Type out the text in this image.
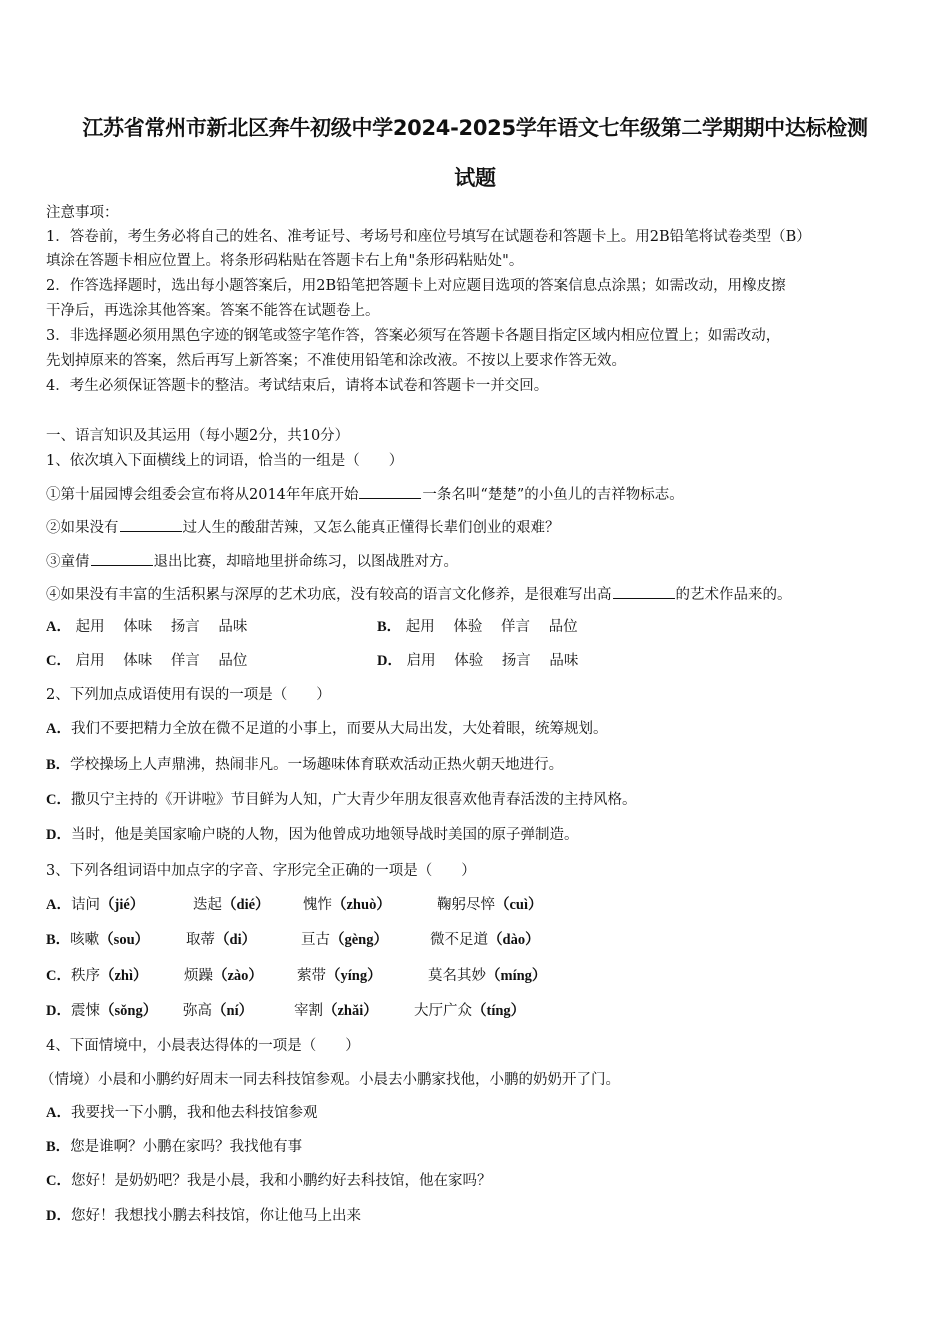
江苏省常州市新北区奔牛初级中学2024-2025学年语文七年级第二学期期中达标检测
试题
注意事项：
1．答卷前，考生务必将自己的姓名、准考证号、考场号和座位号填写在试题卷和答题卡上。用2B铅笔将试卷类型（B）
填涂在答题卡相应位置上。将条形码粘贴在答题卡右上角"条形码粘贴处"。
2．作答选择题时，选出每小题答案后，用2B铅笔把答题卡上对应题目选项的答案信息点涂黑；如需改动，用橡皮擦
干净后，再选涂其他答案。答案不能答在试题卷上。
3．非选择题必须用黑色字迹的钢笔或签字笔作答，答案必须写在答题卡各题目指定区域内相应位置上；如需改动，
先划掉原来的答案，然后再写上新答案；不准使用铅笔和涂改液。不按以上要求作答无效。
4．考生必须保证答题卡的整洁。考试结束后，请将本试卷和答题卡一并交回。
一、语言知识及其运用（每小题2分，共10分）
1、依次填入下面横线上的词语，恰当的一组是（　　）
①第十届园博会组委会宣布将从2014年年底开始	一条名叫“楚楚”的小鱼儿的吉祥物标志。
②如果没有	过人生的酸甜苦辣，又怎么能真正懂得长辈们创业的艰难？
③童倩	退出比赛，却暗地里拼命练习，以图战胜对方。
④如果没有丰富的生活积累与深厚的艺术功底，没有较高的语言文化修养，是很难写出高	的艺术作品来的。
A． 起用 体味 扬言 品味	B． 起用 体验 佯言 品位
C． 启用 体味 佯言 品位	D． 启用 体验 扬言 品味
2、下列加点成语使用有误的一项是（　　）
A．我们不要把精力全放在微不足道的小事上，而要从大局出发，大处着眼，统筹规划。
B．学校操场上人声鼎沸，热闹非凡。一场趣味体育联欢活动正热火朝天地进行。
C．撒贝宁主持的《开讲啦》节目鲜为人知，广大青少年朋友很喜欢他青春活泼的主持风格。
D．当时，他是美国家喻户晓的人物，因为他曾成功地领导战时美国的原子弹制造。
3、下列各组词语中加点字的字音、字形完全正确的一项是（　　）
A．诘问（jié）	迭起（dié） 愧怍（zhuò）	鞠躬尽悴（cuì）
B．咳嗽（sou）	取蒂（di）	亘古（gèng）	微不足道（dào）
C．秩序（zhì）	烦躁（zào） 萦带（yíng）	莫名其妙（míng）
D．震悚（sǒng） 弥高（ní）	宰割（zhǎi） 大厅广众（tíng）
4、下面情境中，小晨表达得体的一项是（　　）
（情境）小晨和小鹏约好周末一同去科技馆参观。小晨去小鹏家找他，小鹏的奶奶开了门。
A．我要找一下小鹏，我和他去科技馆参观
B．您是谁啊？小鹏在家吗？我找他有事
C．您好！是奶奶吧？我是小晨，我和小鹏约好去科技馆，他在家吗？
D．您好！我想找小鹏去科技馆，你让他马上出来
